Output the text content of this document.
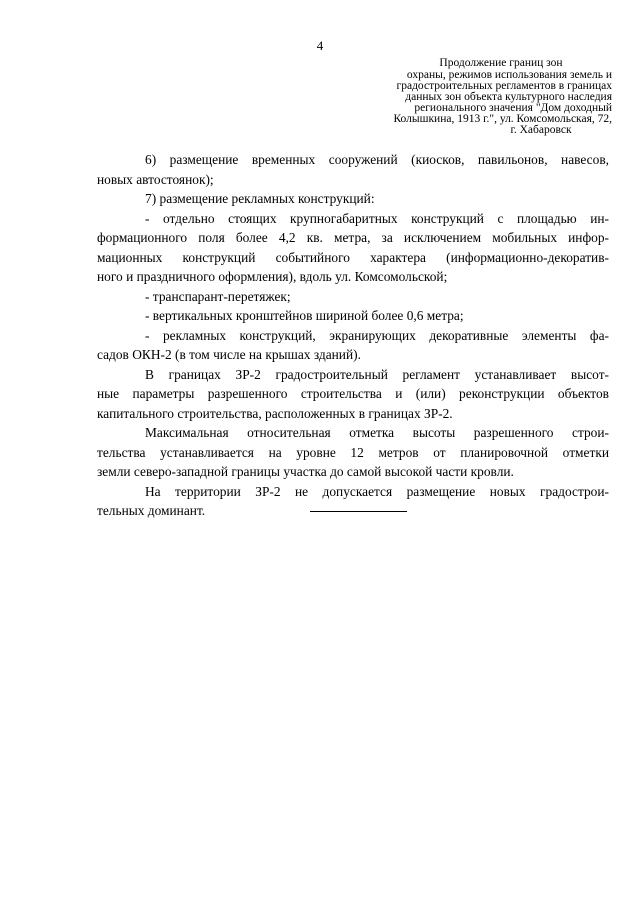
4
Продолжение границ зон
охраны, режимов использования земель и
градостроительных регламентов в границах
данных зон объекта культурного наследия
регионального значения "Дом доходный
Колышкина, 1913 г.", ул. Комсомольская, 72,
г. Хабаровск
6) размещение временных сооружений (киосков, павильонов, навесов,
новых автостоянок);
7) размещение рекламных конструкций:
- отдельно стоящих крупногабаритных конструкций с площадью ин-
формационного поля более 4,2 кв. метра, за исключением мобильных инфор-
мационных конструкций событийного характера (информационно-декоратив-
ного и праздничного оформления), вдоль ул. Комсомольской;
- транспарант-перетяжек;
- вертикальных кронштейнов шириной более 0,6 метра;
- рекламных конструкций, экранирующих декоративные элементы фа-
садов ОКН-2 (в том числе на крышах зданий).
В границах ЗР-2 градостроительный регламент устанавливает высот-
ные параметры разрешенного строительства и (или) реконструкции объектов
капитального строительства, расположенных в границах ЗР-2.
Максимальная относительная отметка высоты разрешенного строи-
тельства устанавливается на уровне 12 метров от планировочной отметки
земли северо-западной границы участка до самой высокой части кровли.
На территории ЗР-2 не допускается размещение новых градострои-
тельных доминант.
